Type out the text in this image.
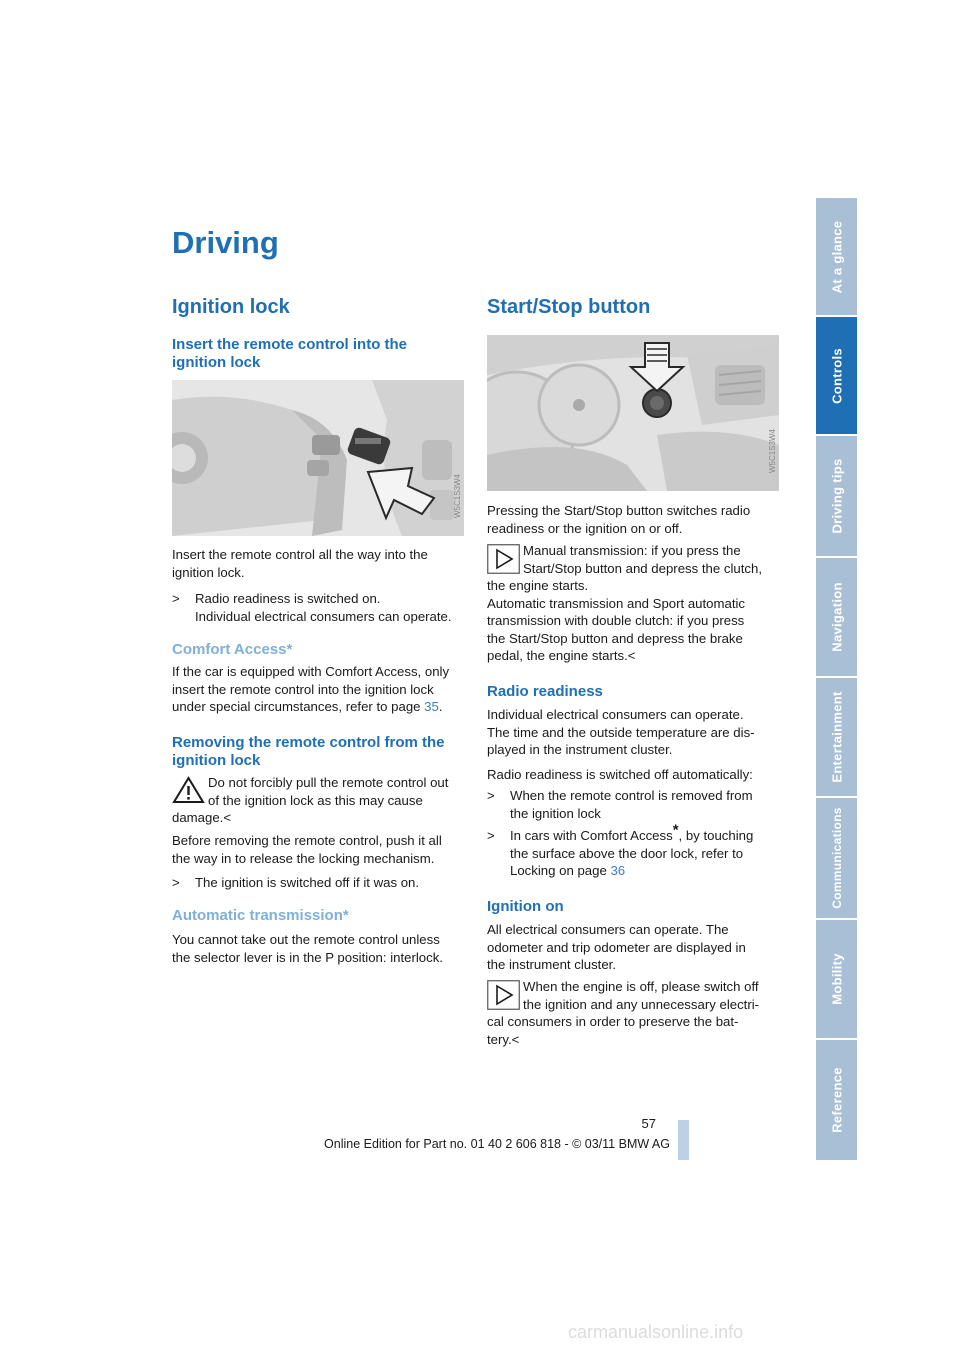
At a glance
Controls
Driving tips
Navigation
Entertainment
Communications
Mobility
Reference
Driving
Ignition lock
Insert the remote control into the
ignition lock
W5C1S3W4
Insert the remote control all the way into the
ignition lock.
> Radio readiness is switched on.
Individual electrical consumers can operate.
Comfort Access*
If the car is equipped with Comfort Access, only
insert the remote control into the ignition lock
under special circumstances, refer to page 35.
Removing the remote control from the
ignition lock
Do not forcibly pull the remote control out
of the ignition lock as this may cause
damage.<
Before removing the remote control, push it all
the way in to release the locking mechanism.
> The ignition is switched off if it was on.
Automatic transmission*
You cannot take out the remote control unless
the selector lever is in the P position: interlock.
Start/Stop button
W5C1S3W4
Pressing the Start/Stop button switches radio
readiness or the ignition on or off.
Manual transmission: if you press the
Start/Stop button and depress the clutch,
the engine starts.
Automatic transmission and Sport automatic
transmission with double clutch: if you press
the Start/Stop button and depress the brake
pedal, the engine starts.<
Radio readiness
Individual electrical consumers can operate.
The time and the outside temperature are dis-
played in the instrument cluster.
Radio readiness is switched off automatically:
> When the remote control is removed from
the ignition lock
> In cars with Comfort Access*, by touching
the surface above the door lock, refer to
Locking on page 36
Ignition on
All electrical consumers can operate. The
odometer and trip odometer are displayed in
the instrument cluster.
When the engine is off, please switch off
the ignition and any unnecessary electri-
cal consumers in order to preserve the bat-
tery.<
57
Online Edition for Part no. 01 40 2 606 818 - © 03/11 BMW AG
carmanualsonline.info
